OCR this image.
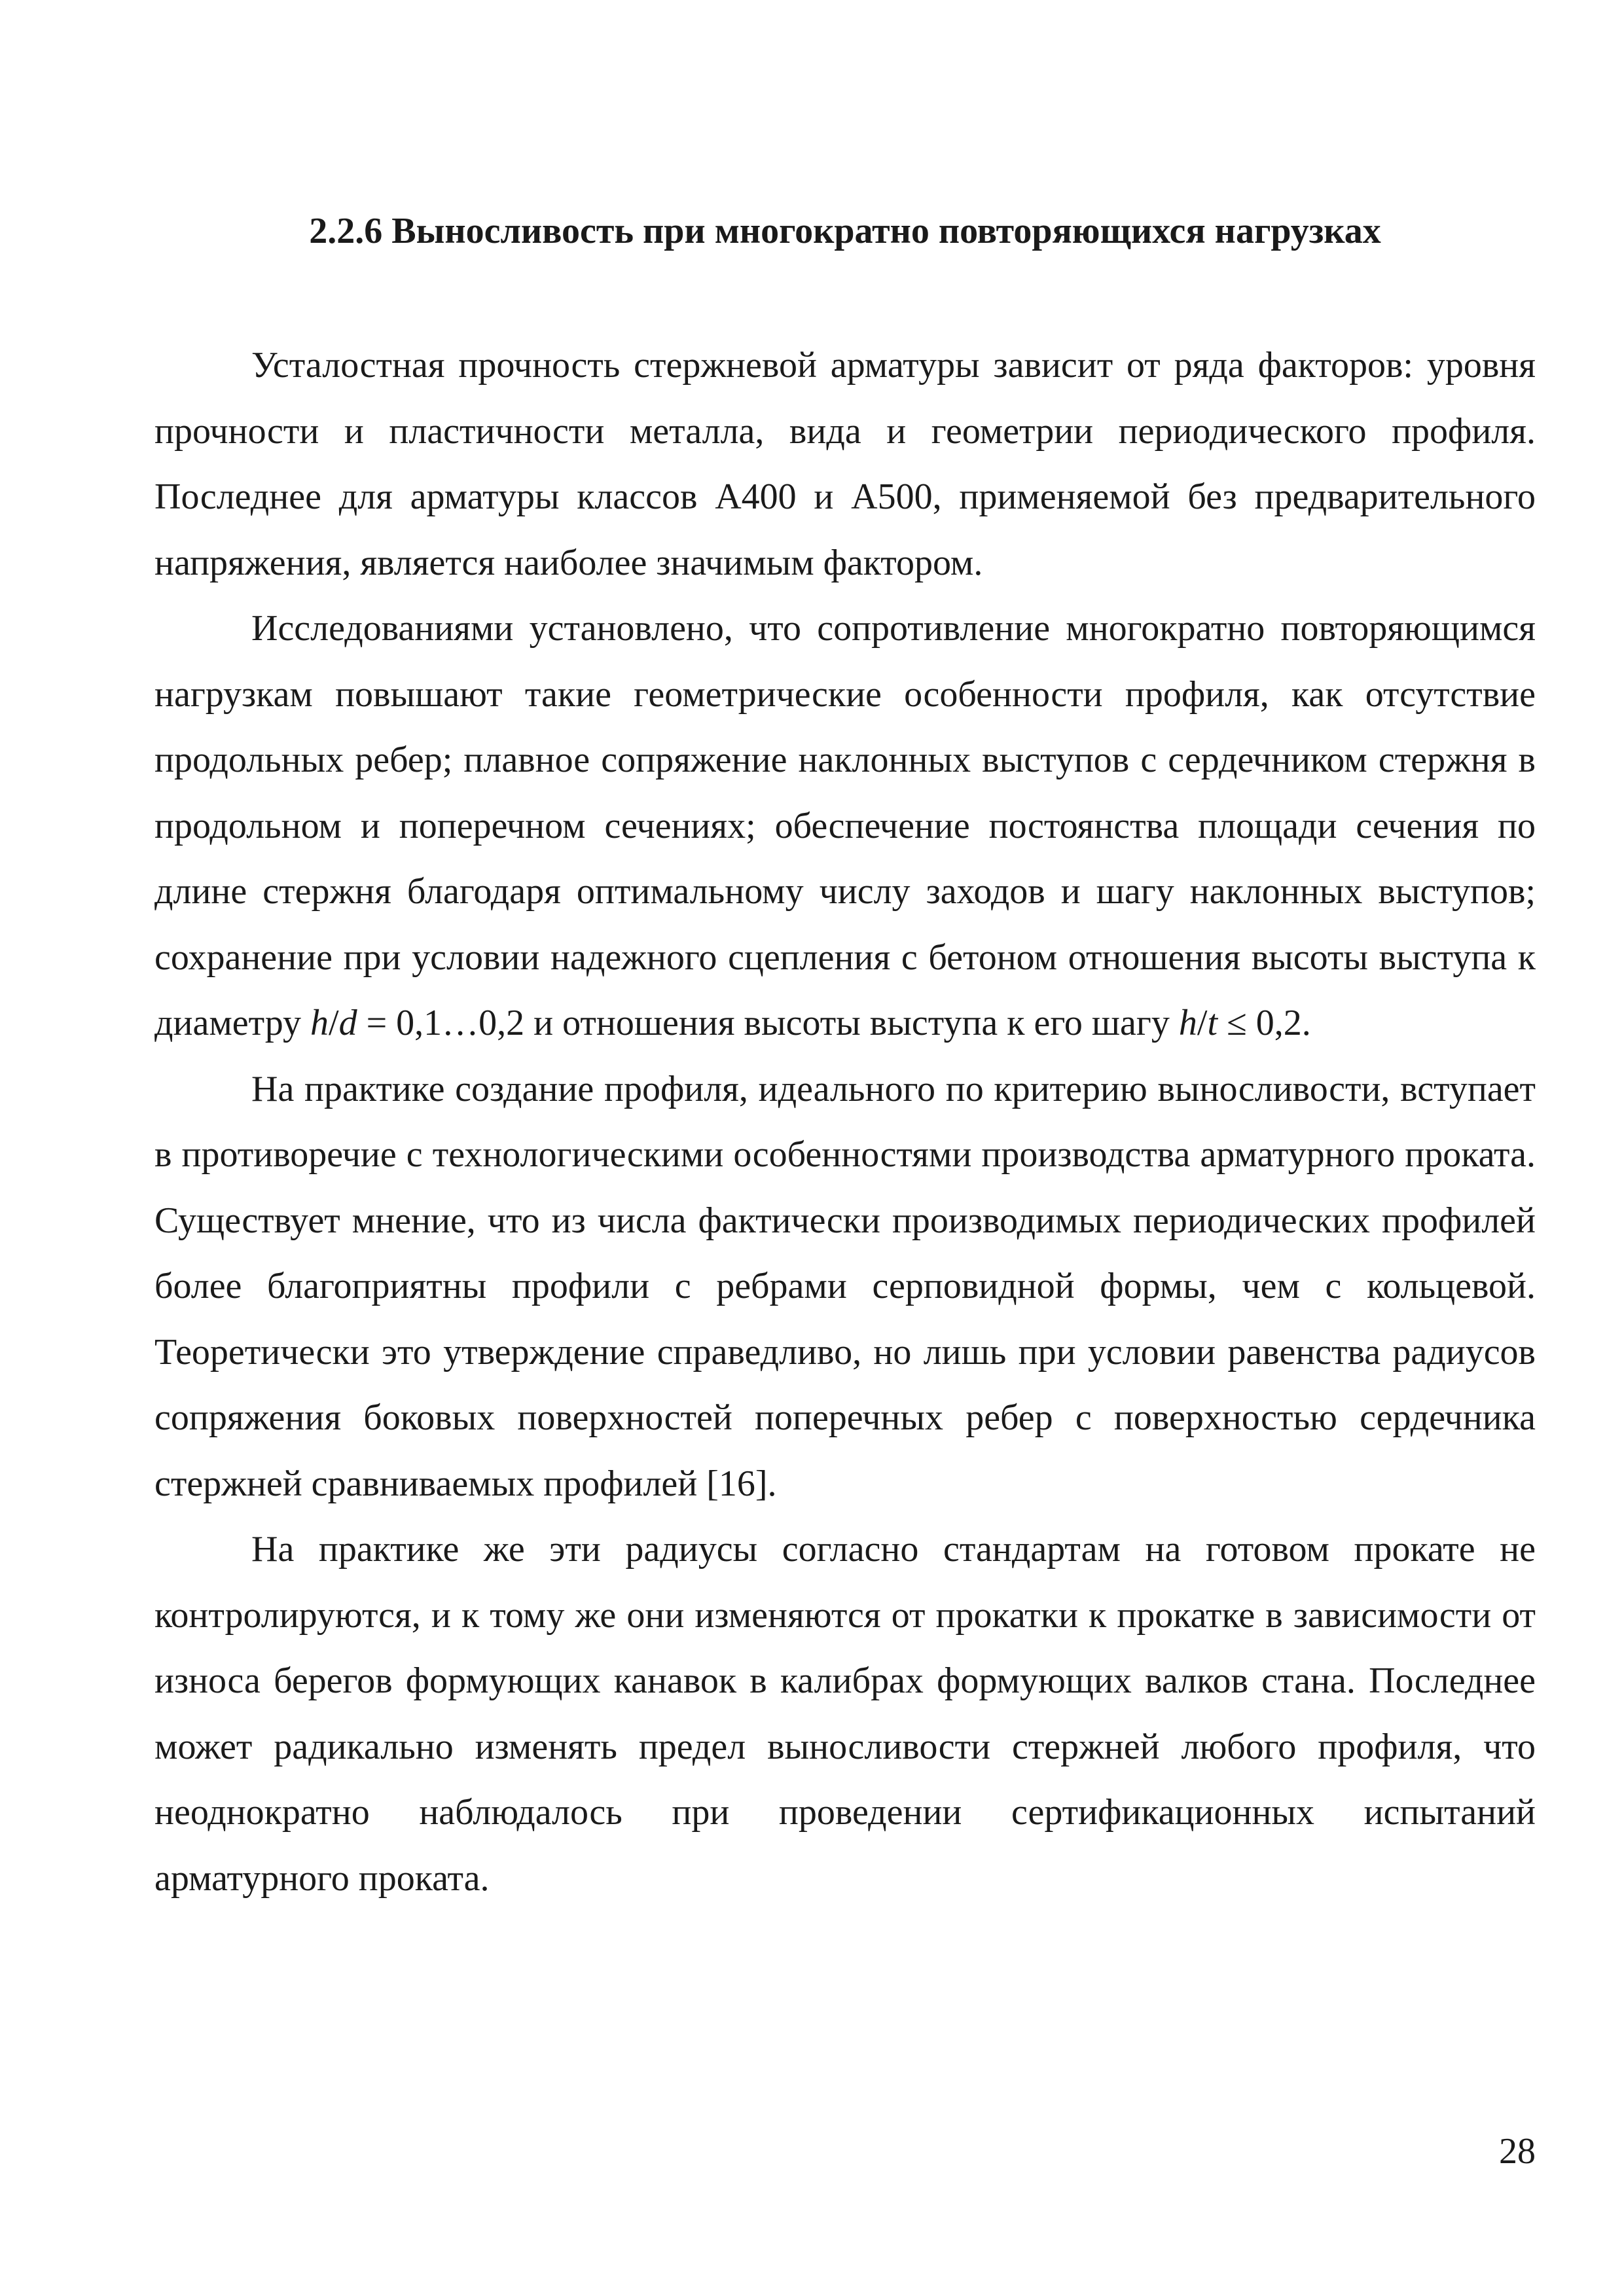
2.2.6 Выносливость при многократно повторяющихся нагрузках

Усталостная прочность стержневой арматуры зависит от ряда факторов: уровня прочности и пластичности металла, вида и геометрии периодического профиля. Последнее для арматуры классов А400 и А500, применяемой без предварительного напряжения, является наиболее значимым фактором.

Исследованиями установлено, что сопротивление многократно повторяющимся нагрузкам повышают такие геометрические особенности профиля, как отсутствие продольных ребер; плавное сопряжение наклонных выступов с сердечником стержня в продольном и поперечном сечениях; обеспечение постоянства площади сечения по длине стержня благодаря оптимальному числу заходов и шагу наклонных выступов; сохранение при условии надежного сцепления с бетоном отношения высоты выступа к диаметру h/d = 0,1…0,2 и отношения высоты выступа к его шагу h/t ≤ 0,2.

На практике создание профиля, идеального по критерию выносливости, вступает в противоречие с технологическими особенностями производства арматурного проката. Существует мнение, что из числа фактически производимых периодических профилей более благоприятны профили с ребрами серповидной формы, чем с кольцевой. Теоретически это утверждение справедливо, но лишь при условии равенства радиусов сопряжения боковых поверхностей поперечных ребер с поверхностью сердечника стержней сравниваемых профилей [16].

На практике же эти радиусы согласно стандартам на готовом прокате не контролируются, и к тому же они изменяются от прокатки к прокатке в зависимости от износа берегов формующих канавок в калибрах формующих валков стана. Последнее может радикально изменять предел выносливости стержней любого профиля, что неоднократно наблюдалось при проведении сертификационных испытаний арматурного проката.

28
